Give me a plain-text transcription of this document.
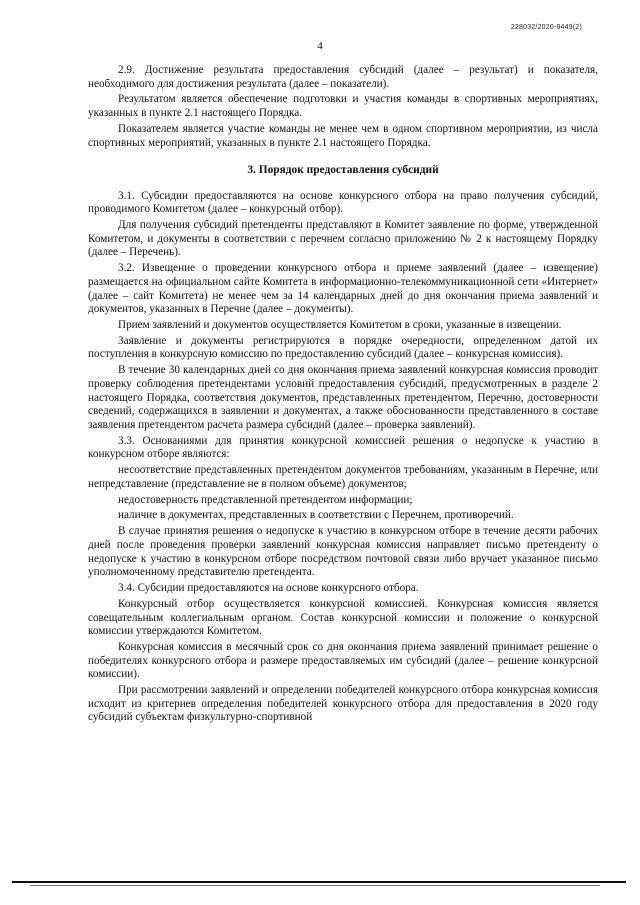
228032/2020-8449(2)
4

2.9. Достижение результата предоставления субсидий (далее – результат) и показателя, необходимого для достижения результата (далее – показатели).

Результатом является обеспечение подготовки и участия команды в спортивных мероприятиях, указанных в пункте 2.1 настоящего Порядка.

Показателем является участие команды не менее чем в одном спортивном мероприятии, из числа спортивных мероприятий, указанных в пункте 2.1 настоящего Порядка.

3. Порядок предоставления субсидий

3.1. Субсидии предоставляются на основе конкурсного отбора на право получения субсидий, проводимого Комитетом (далее – конкурсный отбор).

Для получения субсидий претенденты представляют в Комитет заявление по форме, утвержденной Комитетом, и документы в соответствии с перечнем согласно приложению № 2 к настоящему Порядку (далее – Перечень).

3.2. Извещение о проведении конкурсного отбора и приеме заявлений (далее – извещение) размещается на официальном сайте Комитета в информационно-телекоммуникационной сети «Интернет» (далее – сайт Комитета) не менее чем за 14 календарных дней до дня окончания приема заявлений и документов, указанных в Перечне (далее – документы).

Прием заявлений и документов осуществляется Комитетом в сроки, указанные в извещении.

Заявление и документы регистрируются в порядке очередности, определенном датой их поступления в конкурсную комиссию по предоставлению субсидий (далее – конкурсная комиссия).

В течение 30 календарных дней со дня окончания приема заявлений конкурсная комиссия проводит проверку соблюдения претендентами условий предоставления субсидий, предусмотренных в разделе 2 настоящего Порядка, соответствия документов, представленных претендентом, Перечню, достоверности сведений, содержащихся в заявлении и документах, а также обоснованности представленного в составе заявления претендентом расчета размера субсидий (далее – проверка заявлений).

3.3. Основаниями для принятия конкурсной комиссией решения о недопуске к участию в конкурсном отборе являются:

несоответствие представленных претендентом документов требованиям, указанным в Перечне, или непредставление (представление не в полном объеме) документов;

недостоверность представленной претендентом информации;

наличие в документах, представленных в соответствии с Перечнем, противоречий.

В случае принятия решения о недопуске к участию в конкурсном отборе в течение десяти рабочих дней после проведения проверки заявлений конкурсная комиссия направляет письмо претенденту о недопуске к участию в конкурсном отборе посредством почтовой связи либо вручает указанное письмо уполномоченному представителю претендента.

3.4. Субсидии предоставляются на основе конкурсного отбора.

Конкурсный отбор осуществляется конкурсной комиссией. Конкурсная комиссия является совещательным коллегиальным органом. Состав конкурсной комиссии и положение о конкурсной комиссии утверждаются Комитетом.

Конкурсная комиссия в месячный срок со дня окончания приема заявлений принимает решение о победителях конкурсного отбора и размере предоставляемых им субсидий (далее – решение конкурсной комиссии).

При рассмотрении заявлений и определении победителей конкурсного отбора конкурсная комиссия исходит из критериев определения победителей конкурсного отбора для предоставления в 2020 году субсидий субъектам физкультурно-спортивной
